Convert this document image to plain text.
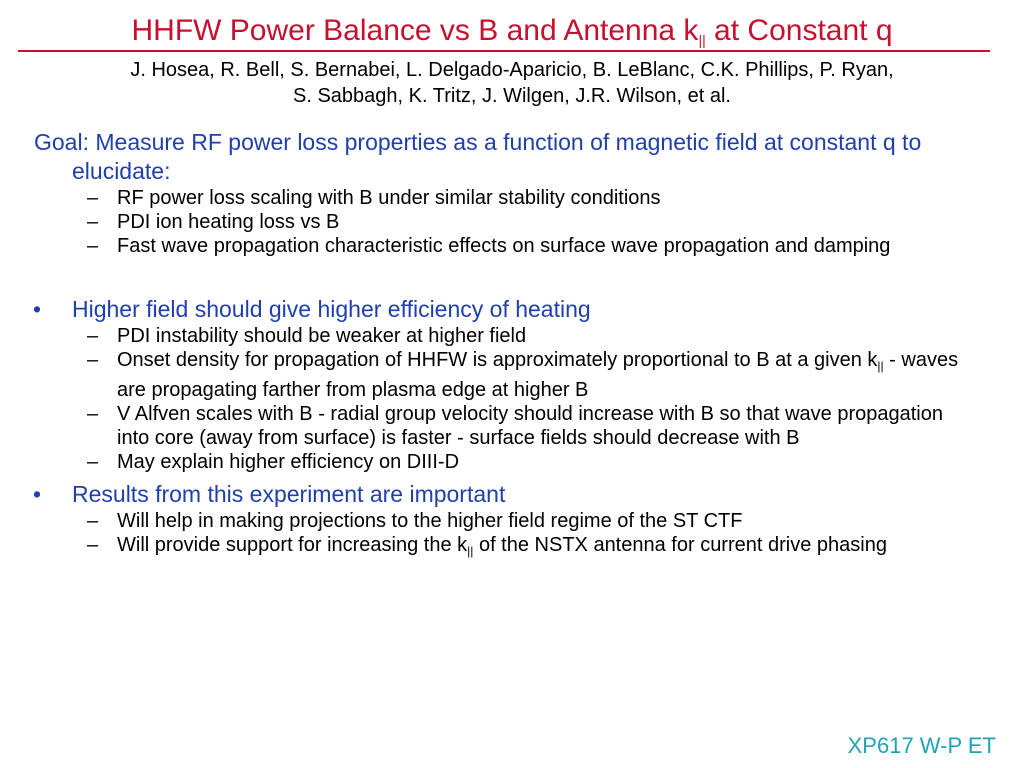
HHFW Power Balance vs B and Antenna $k_{||}$ at Constant q
J. Hosea, R. Bell, S. Bernabei, L. Delgado-Aparicio, B. LeBlanc, C.K. Phillips, P. Ryan,
S. Sabbagh, K. Tritz, J. Wilgen, J.R. Wilson, et al.

Goal: Measure RF power loss properties as a function of magnetic field at constant q to elucidate:

– RF power loss scaling with B under similar stability conditions

– PDI ion heating loss vs B

– Fast wave propagation characteristic effects on surface wave propagation and damping

• Higher field should give higher efficiency of heating

– PDI instability should be weaker at higher field

– Onset density for propagation of HHFW is approximately proportional to B at a given $k_{||}$ - waves are propagating farther from plasma edge at higher B

– V Alfven scales with B - radial group velocity should increase with B so that wave propagation into core (away from surface) is faster - surface fields should decrease with B

– May explain higher efficiency on DIII-D

• Results from this experiment are important

– Will help in making projections to the higher field regime of the ST CTF

– Will provide support for increasing the $k_{||}$ of the NSTX antenna for current drive phasing

XP617 W-P ET
